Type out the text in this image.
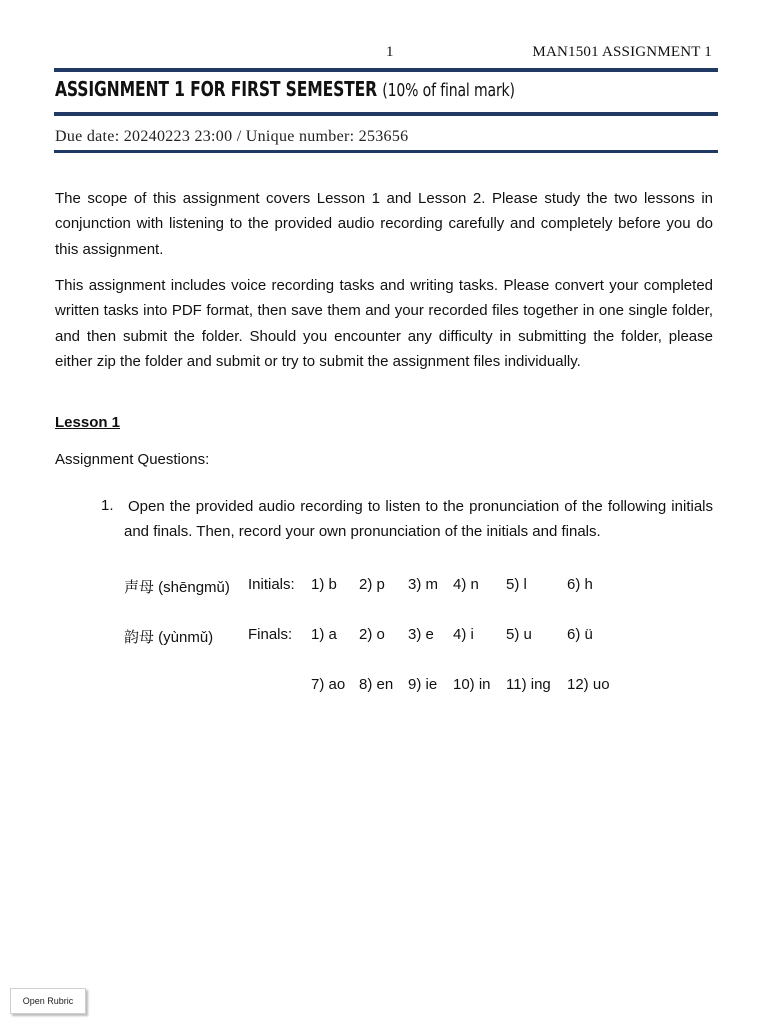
1	MAN1501 ASSIGNMENT 1
ASSIGNMENT 1 FOR FIRST SEMESTER (10% of final mark)
Due date: 20240223 23:00 / Unique number: 253656

The scope of this assignment covers Lesson 1 and Lesson 2. Please study the two lessons in conjunction with listening to the provided audio recording carefully and completely before you do this assignment.

This assignment includes voice recording tasks and writing tasks. Please convert your completed written tasks into PDF format, then save them and your recorded files together in one single folder, and then submit the folder. Should you encounter any difficulty in submitting the folder, please either zip the folder and submit or try to submit the assignment files individually.

Lesson 1
Assignment Questions:
1. Open the provided audio recording to listen to the pronunciation of the following initials and finals. Then, record your own pronunciation of the initials and finals.

声母 (shēngmǔ) Initials: 1) b 2) p 3) m 4) n 5) l	6) h
韵母 (yùnmǔ) Finals: 1) a 2) o 3) e 4) i 5) u 6) ü
7) ao 8) en 9) ie 10) in 11) ing 12) uo
Open Rubric
